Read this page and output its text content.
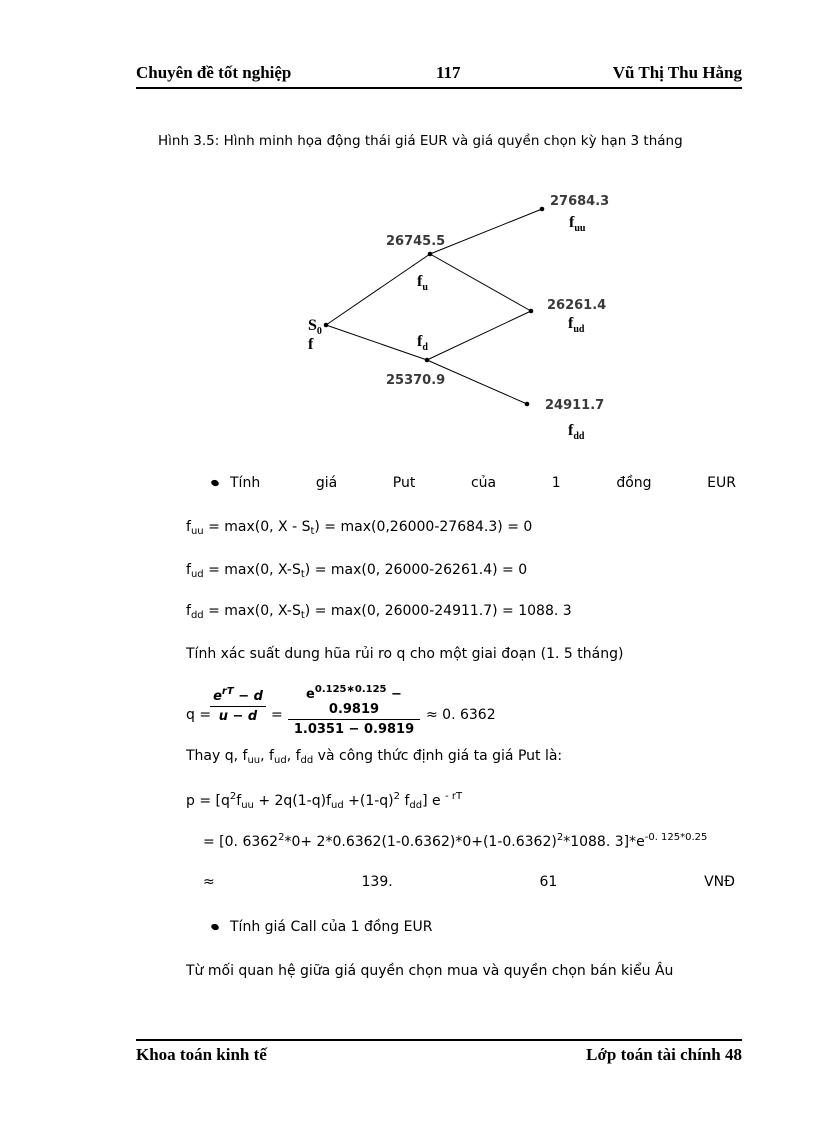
Chuyên đề tốt nghiệp	117	Vũ Thị Thu Hằng
Hình 3.5: Hình minh họa động thái giá EUR và giá quyền chọn kỳ hạn 3 tháng
$S_0$
f
26745.5
$f_u$
$f_d$
25370.9
27684.3
$f_{uu}$
26261.4
$f_{ud}$
24911.7
$f_{dd}$
Tính	giá	Put	của	1	đồng	EUR
$f_{uu} = \max(0$, $X - S_t) = \max(0,26000-27684.3) = 0$
$f_{ud} = \max(0$, $X-S_t) = \max(0$, 26000-26261.4) = 0
$f_{dd} = \max(0$, $X-S_t) = \max(0$, 26000-24911.7) = 1088. 3
Tính xác suất dung hũa rủi ro q cho một giai đoạn (1. 5 tháng)
q =
$e^{rT} - d$
u − d =
$e^{0.125∗0.125} - 0.9819$
1.0351 − 0.9819
≈ 0. 6362
Thay q, $f_{uu}$, $f_{ud}$, $f_{dd}$ và công thức định giá ta giá Put là:
$p = [q^2f_{uu} + 2q(1-q)f_{ud} +(1-q)^2$ $f_{dd}$] e $^{- rT}$
= [0. $6362^2*0+ 2*0.6362(1-0.6362)*0+(1-0.6362)^2*1088$. $3]*e^{-0. 125*0.25}$
≈	139.	61	VNĐ
Tính giá Call của 1 đồng EUR
Từ mối quan hệ giữa giá quyền chọn mua và quyền chọn bán kiểu Âu
Khoa toán kinh tế	Lớp toán tài chính 48
